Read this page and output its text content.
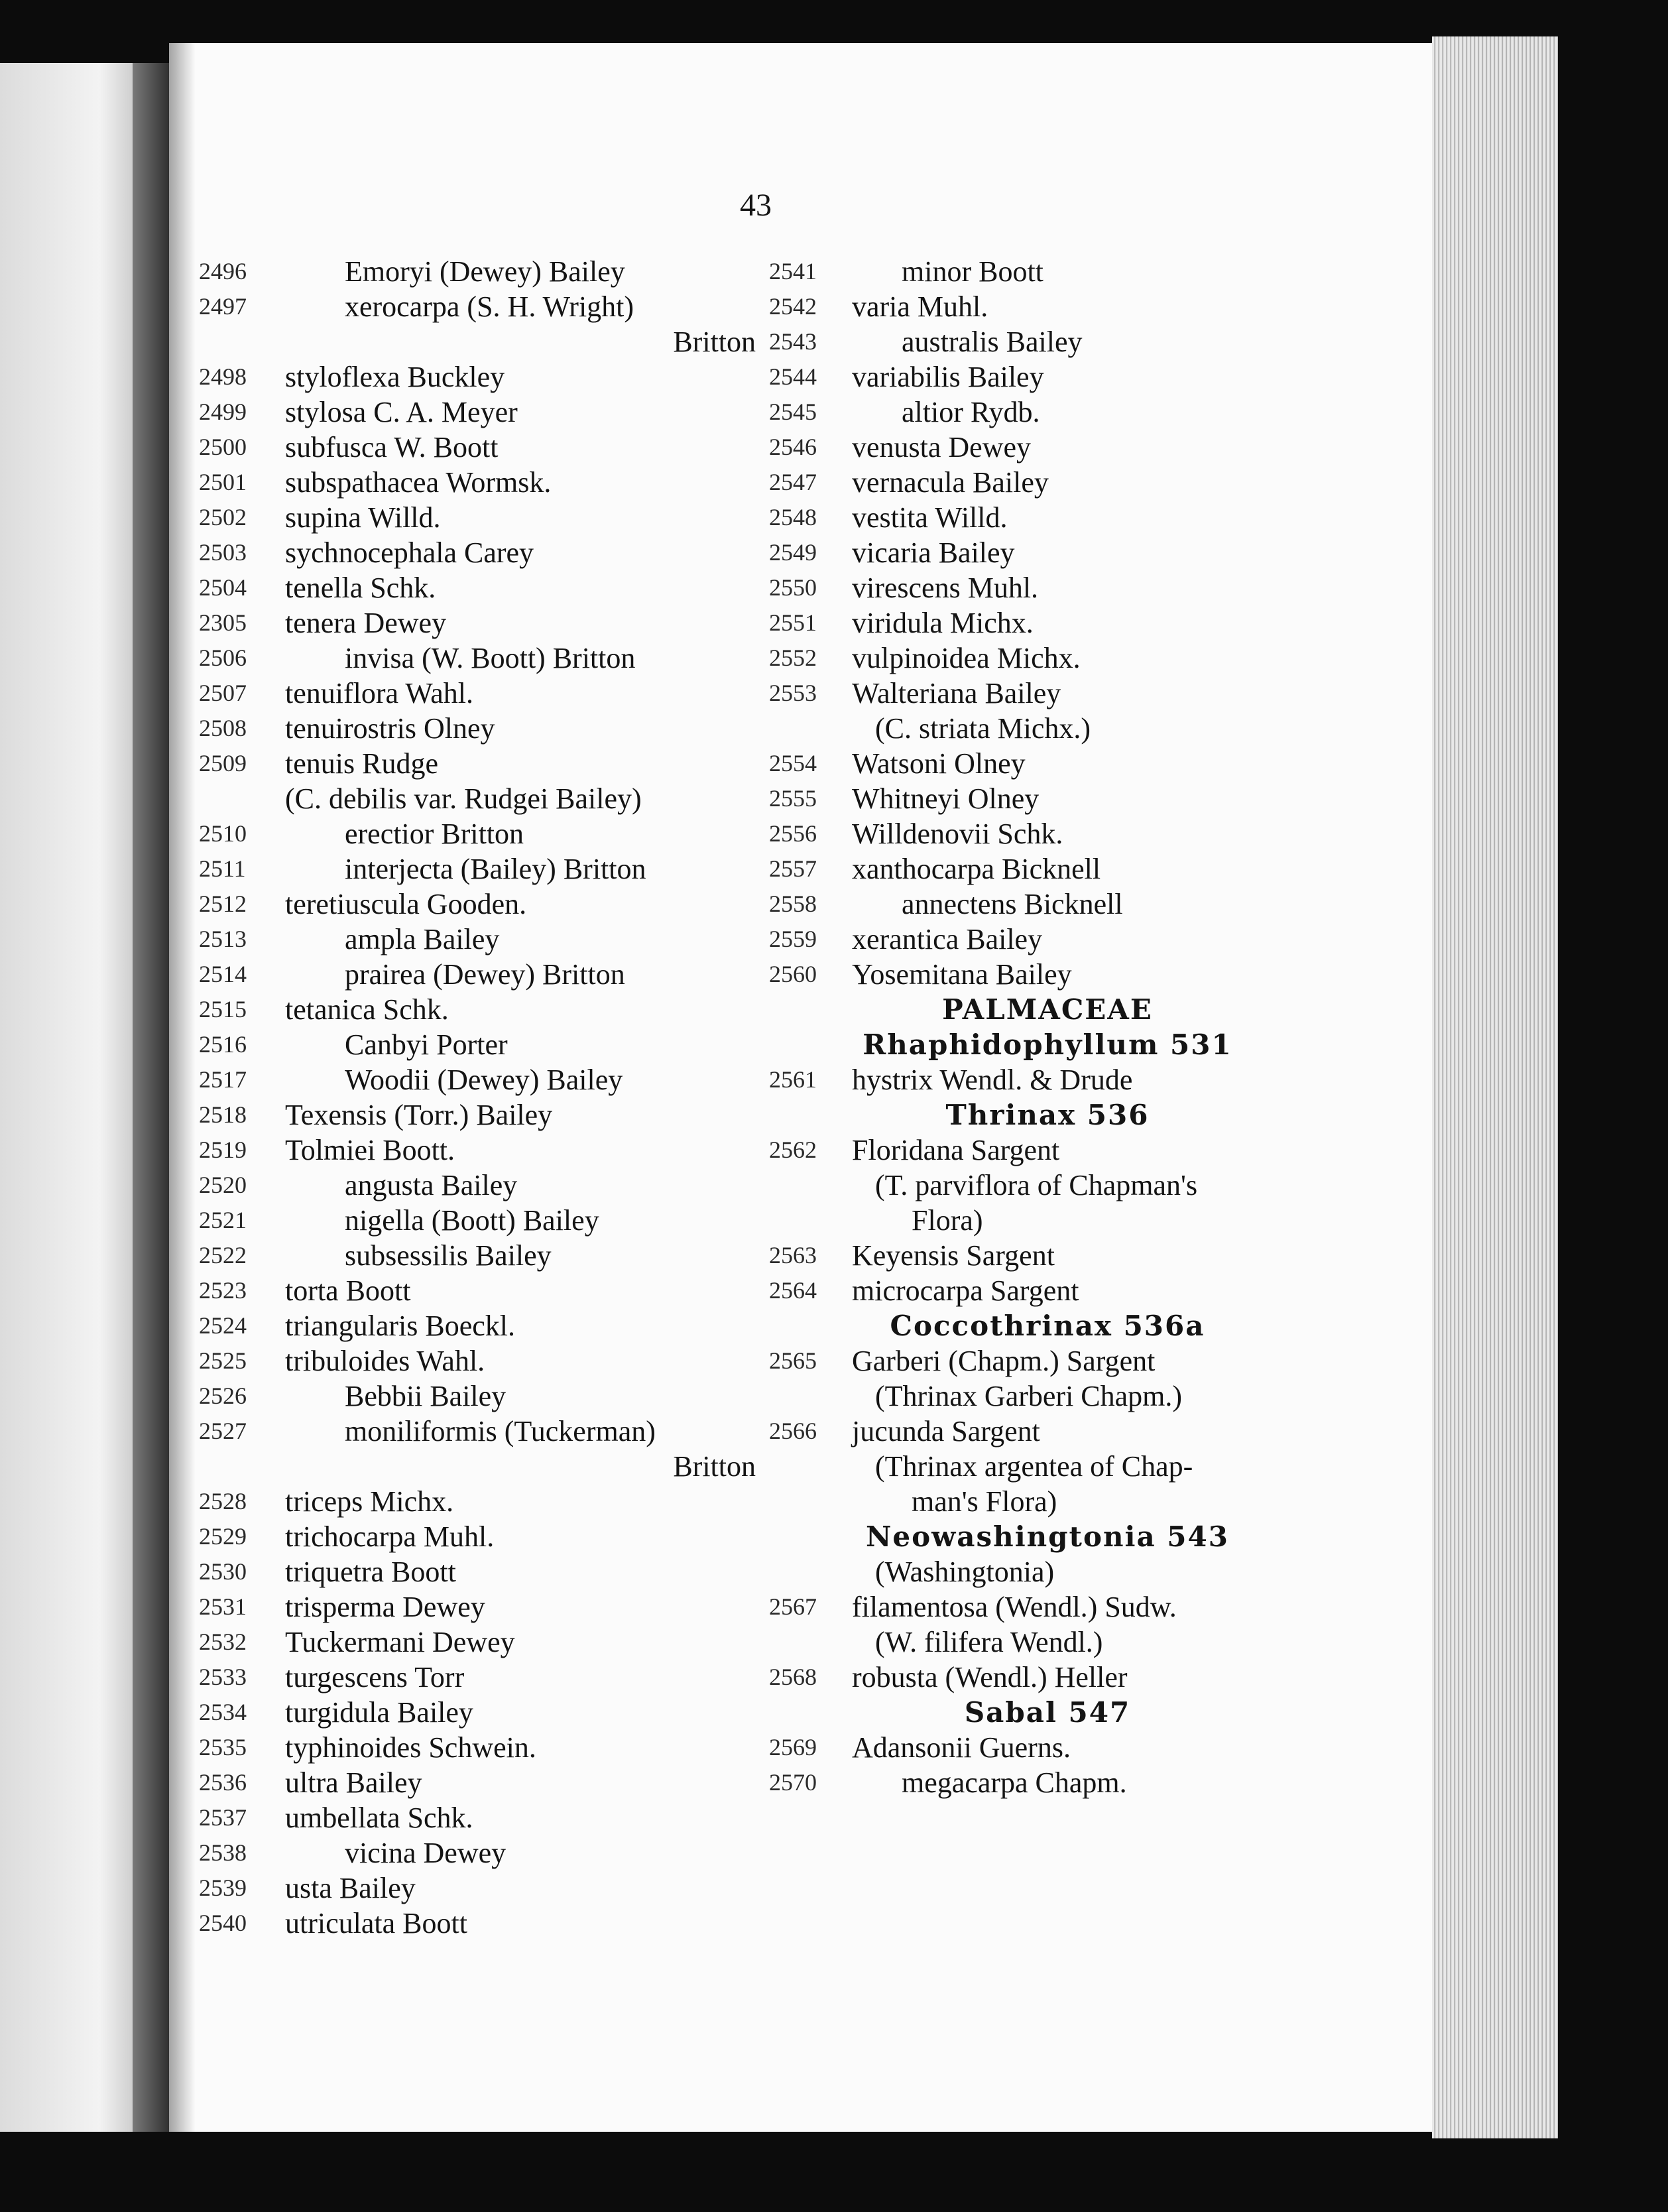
43
2496	Emoryi (Dewey) Bailey
2497	xerocarpa (S. H. Wright)
Britton
2498 styloflexa Buckley
2499 stylosa C. A. Meyer
2500 subfusca W. Boott
2501 subspathacea Wormsk.
2502 supina Willd.
2503 sychnocephala Carey
2504 tenella Schk.
2305 tenera Dewey
2506	invisa (W. Boott) Britton
2507 tenuiflora Wahl.
2508 tenuirostris Olney
2509 tenuis Rudge
(C. debilis var. Rudgei Bailey)
2510	erectior Britton
2511	interjecta (Bailey) Britton
2512 teretiuscula Gooden.
2513	ampla Bailey
2514	prairea (Dewey) Britton
2515 tetanica Schk.
2516	Canbyi Porter
2517	Woodii (Dewey) Bailey
2518 Texensis (Torr.) Bailey
2519 Tolmiei Boott.
2520	angusta Bailey
2521	nigella (Boott) Bailey
2522	subsessilis Bailey
2523 torta Boott
2524 triangularis Boeckl.
2525 tribuloides Wahl.
2526	Bebbii Bailey
2527	moniliformis (Tuckerman)
Britton
2528 triceps Michx.
2529 trichocarpa Muhl.
2530 triquetra Boott
2531 trisperma Dewey
2532 Tuckermani Dewey
2533 turgescens Torr
2534 turgidula Bailey
2535 typhinoides Schwein.
2536 ultra Bailey
2537 umbellata Schk.
2538	vicina Dewey
2539 usta Bailey
2540 utriculata Boott
2541	minor Boott
2542 varia Muhl.
2543	australis Bailey
2544 variabilis Bailey
2545	altior Rydb.
2546 venusta Dewey
2547 vernacula Bailey
2548 vestita Willd.
2549 vicaria Bailey
2550 virescens Muhl.
2551 viridula Michx.
2552 vulpinoidea Michx.
2553 Walteriana Bailey
(C. striata Michx.)
2554 Watsoni Olney
2555 Whitneyi Olney
2556 Willdenovii Schk.
2557 xanthocarpa Bicknell
2558	annectens Bicknell
2559 xerantica Bailey
2560 Yosemitana Bailey
PALMACEAE
Rhaphidophyllum 531
2561 hystrix Wendl. & Drude
Thrinax 536
2562 Floridana Sargent
(T. parviflora of Chapman's
Flora)
2563 Keyensis Sargent
2564 microcarpa Sargent
Coccothrinax 536a
2565 Garberi (Chapm.) Sargent
(Thrinax Garberi Chapm.)
2566 jucunda Sargent
(Thrinax argentea of Chap-
man's Flora)
Neowashingtonia 543
(Washingtonia)
2567 filamentosa (Wendl.) Sudw.
(W. filifera Wendl.)
2568 robusta (Wendl.) Heller
Sabal 547
2569 Adansonii Guerns.
2570	megacarpa Chapm.
